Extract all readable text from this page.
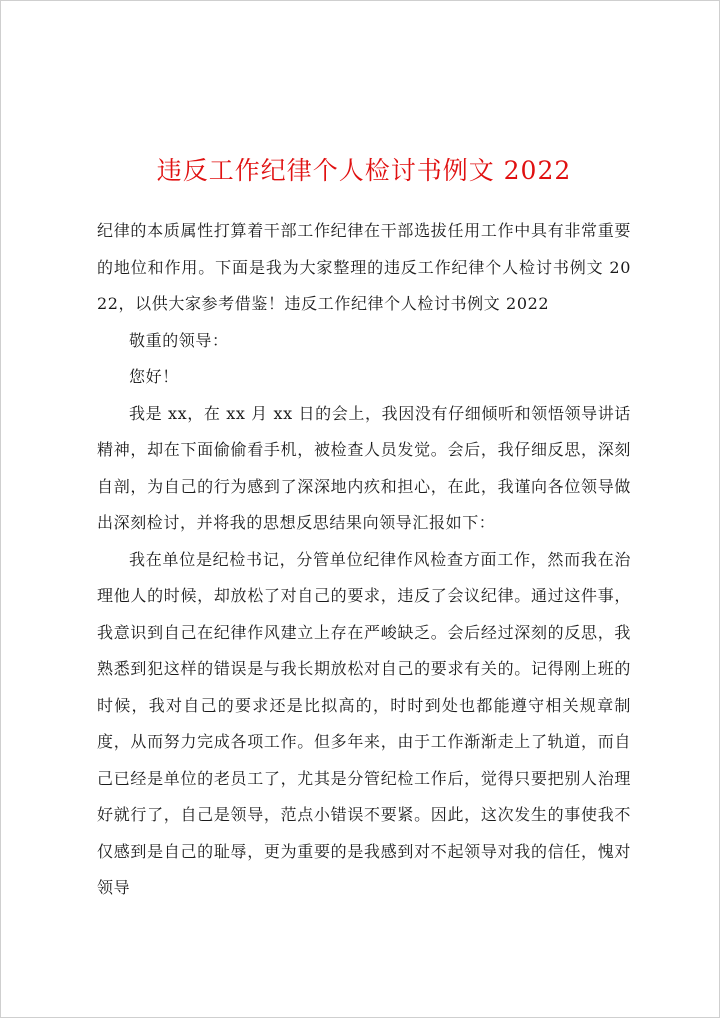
违反工作纪律个人检讨书例文 2022

纪律的本质属性打算着干部工作纪律在干部选拔任用工作中具有非常重要的地位和作用。下面是我为大家整理的违反工作纪律个人检讨书例文 2022，以供大家参考借鉴！违反工作纪律个人检讨书例文 2022

敬重的领导：

您好！

我是 xx，在 xx 月 xx 日的会上，我因没有仔细倾听和领悟领导讲话精神，却在下面偷偷看手机，被检查人员发觉。会后，我仔细反思，深刻自剖，为自己的行为感到了深深地内疚和担心，在此，我谨向各位领导做出深刻检讨，并将我的思想反思结果向领导汇报如下：

我在单位是纪检书记，分管单位纪律作风检查方面工作，然而我在治理他人的时候，却放松了对自己的要求，违反了会议纪律。通过这件事，我意识到自己在纪律作风建立上存在严峻缺乏。会后经过深刻的反思，我熟悉到犯这样的错误是与我长期放松对自己的要求有关的。记得刚上班的时候，我对自己的要求还是比拟高的，时时到处也都能遵守相关规章制度，从而努力完成各项工作。但多年来，由于工作渐渐走上了轨道，而自己已经是单位的老员工了，尤其是分管纪检工作后，觉得只要把别人治理好就行了，自己是领导，范点小错误不要紧。因此，这次发生的事使我不仅感到是自己的耻辱，更为重要的是我感到对不起领导对我的信任，愧对领导
